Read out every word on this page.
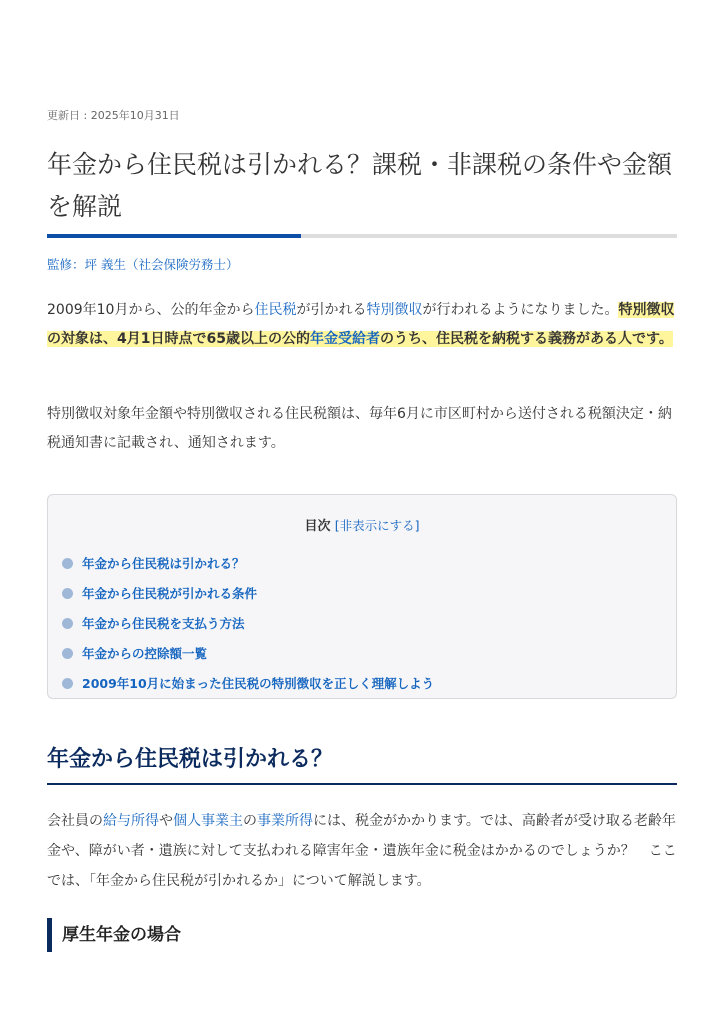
更新日 : 2025年10月31日
年金から住民税は引かれる？課税・非課税の条件や金額を解説
監修：坪 義生（社会保険労務士）

2009年10月から、公的年金から住民税が引かれる特別徴収が行われるようになりました。特別徴収の対象は、4月1日時点で65歳以上の公的年金受給者のうち、住民税を納税する義務がある人です。

特別徴収対象年金額や特別徴収される住民税額は、毎年6月に市区町村から送付される税額決定・納税通知書に記載され、通知されます。

目次 [非表示にする]
年金から住民税は引かれる？
年金から住民税が引かれる条件
年金から住民税を支払う方法
年金からの控除額一覧
2009年10月に始まった住民税の特別徴収を正しく理解しよう
年金から住民税は引かれる？

会社員の給与所得や個人事業主の事業所得には、税金がかかります。では、高齢者が受け取る老齢年金や、障がい者・遺族に対して支払われる障害年金・遺族年金に税金はかかるのでしょうか？　ここでは、「年金から住民税が引かれるか」について解説します。

厚生年金の場合
